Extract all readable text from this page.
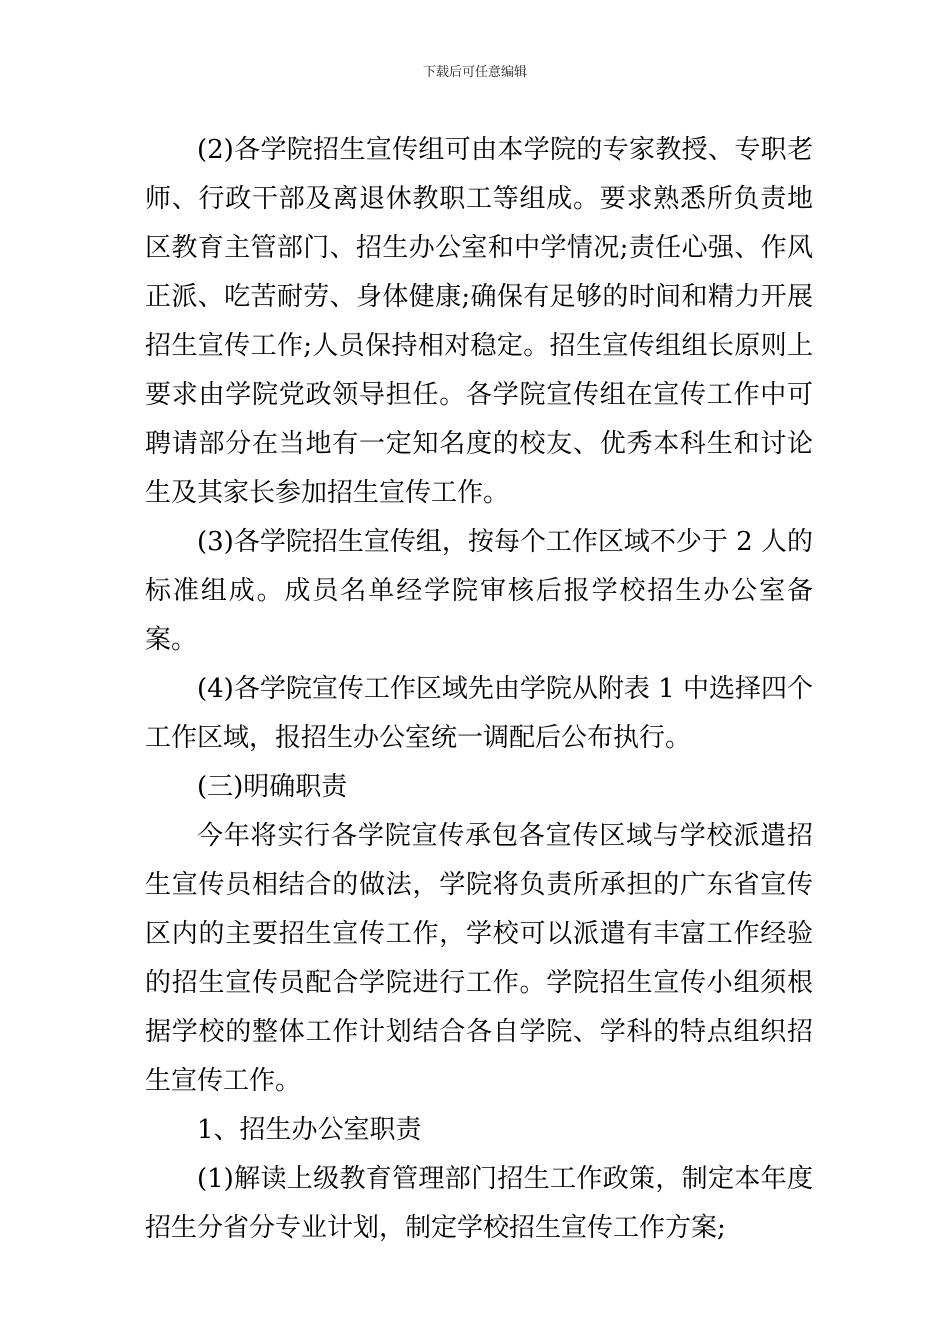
下载后可任意编辑

(2)各学院招生宣传组可由本学院的专家教授、专职老师、行政干部及离退休教职工等组成。要求熟悉所负责地区教育主管部门、招生办公室和中学情况;责任心强、作风正派、吃苦耐劳、身体健康;确保有足够的时间和精力开展招生宣传工作;人员保持相对稳定。招生宣传组组长原则上要求由学院党政领导担任。各学院宣传组在宣传工作中可聘请部分在当地有一定知名度的校友、优秀本科生和讨论生及其家长参加招生宣传工作。

(3)各学院招生宣传组，按每个工作区域不少于 2 人的标准组成。成员名单经学院审核后报学校招生办公室备案。

(4)各学院宣传工作区域先由学院从附表 1 中选择四个工作区域，报招生办公室统一调配后公布执行。

(三)明确职责

今年将实行各学院宣传承包各宣传区域与学校派遣招生宣传员相结合的做法，学院将负责所承担的广东省宣传区内的主要招生宣传工作，学校可以派遣有丰富工作经验的招生宣传员配合学院进行工作。学院招生宣传小组须根据学校的整体工作计划结合各自学院、学科的特点组织招生宣传工作。

1、招生办公室职责

(1)解读上级教育管理部门招生工作政策，制定本年度招生分省分专业计划，制定学校招生宣传工作方案;
